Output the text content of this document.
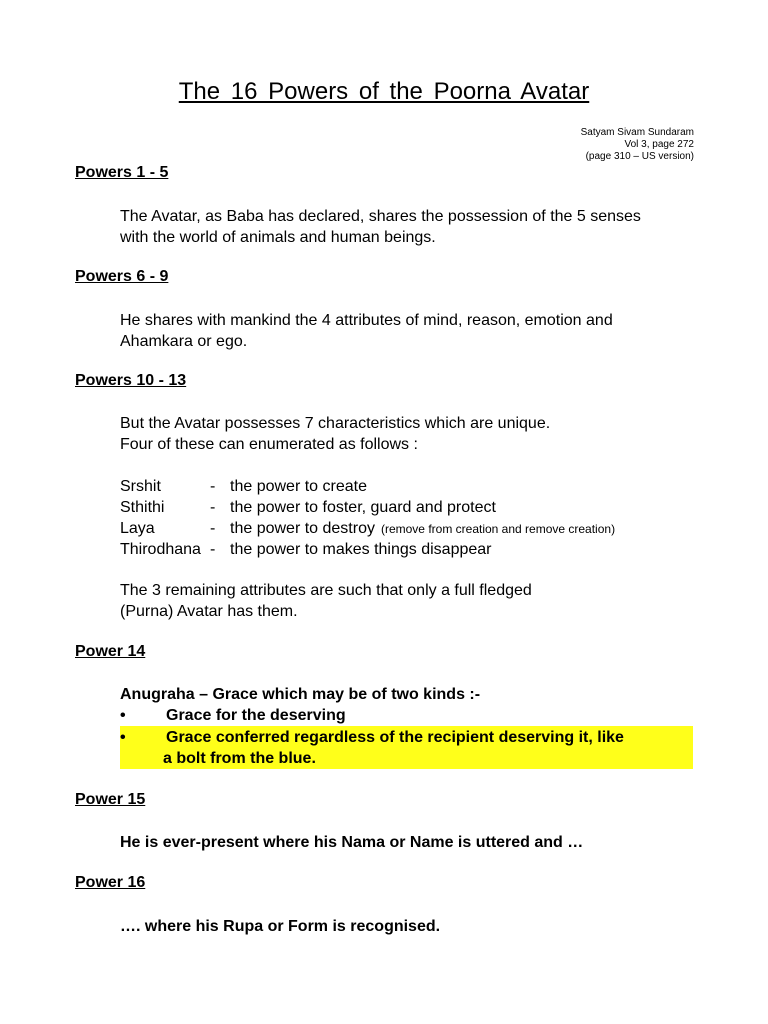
The 16 Powers of the Poorna Avatar
Satyam Sivam Sundaram
Vol 3, page 272
(page 310 – US version)
Powers 1 - 5
The Avatar, as Baba has declared, shares the possession of the 5 senses
with the world of animals and human beings.
Powers 6 - 9
He shares with mankind the 4 attributes of mind, reason, emotion and
Ahamkara or ego.
Powers 10 - 13
But the Avatar possesses 7 characteristics which are unique.
Four of these can enumerated as follows :
Srshit	- the power to create
Sthithi	- the power to foster, guard and protect
Laya	- the power to destroy (remove from creation and remove creation)
Thirodhana - the power to makes things disappear
The 3 remaining attributes are such that only a full fledged
(Purna) Avatar has them.
Power 14
Anugraha – Grace which may be of two kinds :-
•	Grace for the deserving
•	Grace conferred regardless of the recipient deserving it, like
a bolt from the blue.
Power 15
He is ever-present where his Nama or Name is uttered and …
Power 16
…. where his Rupa or Form is recognised.
